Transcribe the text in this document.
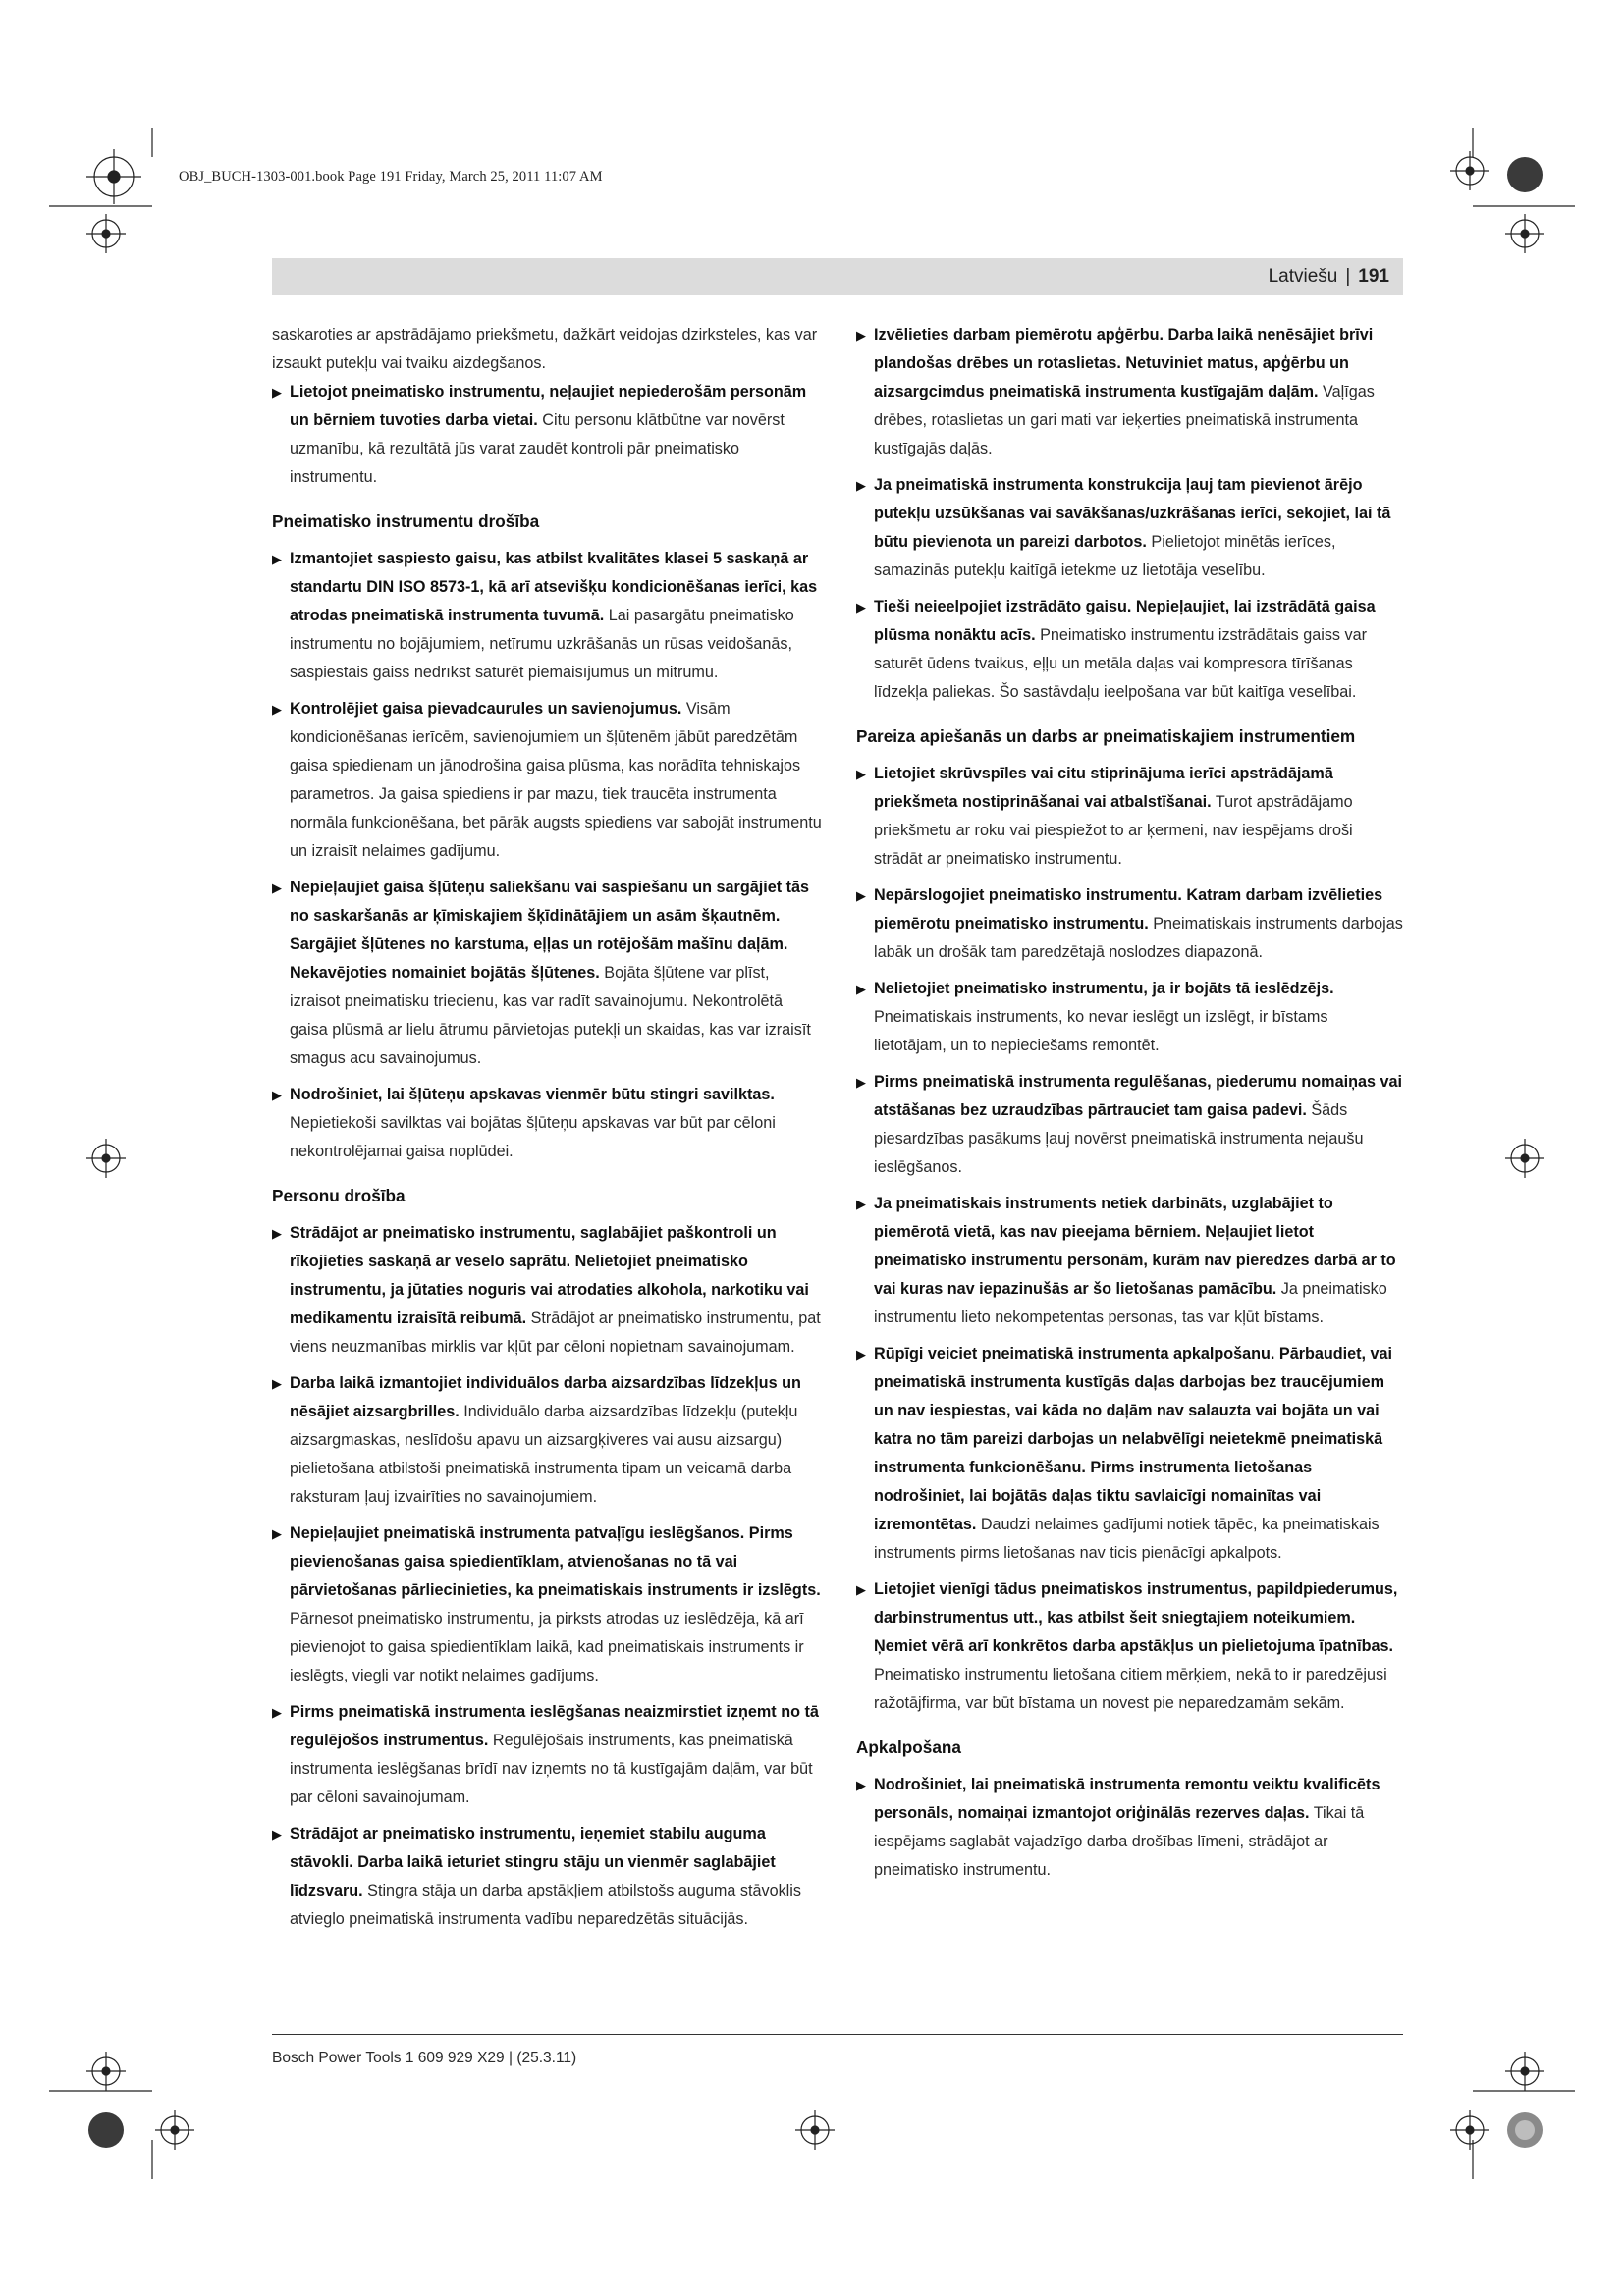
OBJ_BUCH-1303-001.book Page 191 Friday, March 25, 2011 11:07 AM
Latviešu | 191

saskaroties ar apstrādājamo priekšmetu, dažkārt veidojas dzirksteles, kas var izsaukt putekļu vai tvaiku aizdegšanos.

▶ Lietojot pneimatisko instrumentu, neļaujiet nepiederošām personām un bērniem tuvoties darba vietai. Citu personu klātbūtne var novērst uzmanību, kā rezultātā jūs varat zaudēt kontroli pār pneimatisko instrumentu.
Pneimatisko instrumentu drošība
▶ Izmantojiet saspiesto gaisu, kas atbilst kvalitātes klasei 5 saskaņā ar standartu DIN ISO 8573-1, kā arī atsevišķu kondicionēšanas ierīci, kas atrodas pneimatiskā instrumenta tuvumā. Lai pasargātu pneimatisko instrumentu no bojājumiem, netīrumu uzkrāšanās un rūsas veidošanās, saspiestais gaiss nedrīkst saturēt piemaisījumus un mitrumu.
▶ Kontrolējiet gaisa pievadcaurules un savienojumus. Visām kondicionēšanas ierīcēm, savienojumiem un šļūtenēm jābūt paredzētām gaisa spiedienam un jānodrošina gaisa plūsma, kas norādīta tehniskajos parametros. Ja gaisa spiediens ir par mazu, tiek traucēta instrumenta normāla funkcionēšana, bet pārāk augsts spiediens var sabojāt instrumentu un izraisīt nelaimes gadījumu.
▶ Nepieļaujiet gaisa šļūteņu saliekšanu vai saspiešanu un sargājiet tās no saskaršanās ar ķīmiskajiem šķīdinātājiem un asām šķautnēm. Sargājiet šļūtenes no karstuma, eļļas un rotējošām mašīnu daļām. Nekavējoties nomainiet bojātās šļūtenes. Bojāta šļūtene var plīst, izraisot pneimatisku triecienu, kas var radīt savainojumu. Nekontrolētā gaisa plūsmā ar lielu ātrumu pārvietojas putekļi un skaidas, kas var izraisīt smagus acu savainojumus.
▶ Nodrošiniet, lai šļūteņu apskavas vienmēr būtu stingri savilktas. Nepietiekoši savilktas vai bojātas šļūteņu apskavas var būt par cēloni nekontrolējamai gaisa noplūdei.
Personu drošība
▶ Strādājot ar pneimatisko instrumentu, saglabājiet paškontroli un rīkojieties saskaņā ar veselo saprātu. Nelietojiet pneimatisko instrumentu, ja jūtaties noguris vai atrodaties alkohola, narkotiku vai medikamentu izraisītā reibumā. Strādājot ar pneimatisko instrumentu, pat viens neuzmanības mirklis var kļūt par cēloni nopietnam savainojumam.
▶ Darba laikā izmantojiet individuālos darba aizsardzības līdzekļus un nēsājiet aizsargbrilles. Individuālo darba aizsardzības līdzekļu (putekļu aizsargmaskas, neslīdošu apavu un aizsargķiveres vai ausu aizsargu) pielietošana atbilstoši pneimatiskā instrumenta tipam un veicamā darba raksturam ļauj izvairīties no savainojumiem.
▶ Nepieļaujiet pneimatiskā instrumenta patvaļīgu ieslēgšanos. Pirms pievienošanas gaisa spiedientīklam, atvienošanas no tā vai pārvietošanas pārliecinieties, ka pneimatiskais instruments ir izslēgts. Pārnesot pneimatisko instrumentu, ja pirksts atrodas uz ieslēdzēja, kā arī pievienojot to gaisa spiedientīklam laikā, kad pneimatiskais instruments ir ieslēgts, viegli var notikt nelaimes gadījums.
▶ Pirms pneimatiskā instrumenta ieslēgšanas neaizmirstiet izņemt no tā regulējošos instrumentus. Regulējošais instruments, kas pneimatiskā instrumenta ieslēgšanas brīdī nav izņemts no tā kustīgajām daļām, var būt par cēloni savainojumam.
▶ Strādājot ar pneimatisko instrumentu, ieņemiet stabilu auguma stāvokli. Darba laikā ieturiet stingru stāju un vienmēr saglabājiet līdzsvaru. Stingra stāja un darba apstākļiem atbilstošs auguma stāvoklis atvieglo pneimatiskā instrumenta vadību neparedzētās situācijās.
▶ Izvēlieties darbam piemērotu apģērbu. Darba laikā nenēsājiet brīvi plandošas drēbes un rotaslietas. Netuviniet matus, apģērbu un aizsargcimdus pneimatiskā instrumenta kustīgajām daļām. Vaļīgas drēbes, rotaslietas un gari mati var ieķerties pneimatiskā instrumenta kustīgajās daļās.
▶ Ja pneimatiskā instrumenta konstrukcija ļauj tam pievienot ārējo putekļu uzsūkšanas vai savākšanas/uzkrāšanas ierīci, sekojiet, lai tā būtu pievienota un pareizi darbotos. Pielietojot minētās ierīces, samazinās putekļu kaitīgā ietekme uz lietotāja veselību.
▶ Tieši neieelpojiet izstrādāto gaisu. Nepieļaujiet, lai izstrādātā gaisa plūsma nonāktu acīs. Pneimatisko instrumentu izstrādātais gaiss var saturēt ūdens tvaikus, eļļu un metāla daļas vai kompresora tīrīšanas līdzekļa paliekas. Šo sastāvdaļu ieelpošana var būt kaitīga veselībai.
Pareiza apiešanās un darbs ar pneimatiskajiem instrumentiem
▶ Lietojiet skrūvspīles vai citu stiprinājuma ierīci apstrādājamā priekšmeta nostiprināšanai vai atbalstīšanai. Turot apstrādājamo priekšmetu ar roku vai piespiežot to ar ķermeni, nav iespējams droši strādāt ar pneimatisko instrumentu.
▶ Nepārslogojiet pneimatisko instrumentu. Katram darbam izvēlieties piemērotu pneimatisko instrumentu. Pneimatiskais instruments darbojas labāk un drošāk tam paredzētajā noslodzes diapazonā.
▶ Nelietojiet pneimatisko instrumentu, ja ir bojāts tā ieslēdzējs. Pneimatiskais instruments, ko nevar ieslēgt un izslēgt, ir bīstams lietotājam, un to nepieciešams remontēt.
▶ Pirms pneimatiskā instrumenta regulēšanas, piederumu nomaiņas vai atstāšanas bez uzraudzības pārtrauciet tam gaisa padevi. Šāds piesardzības pasākums ļauj novērst pneimatiskā instrumenta nejaušu ieslēgšanos.
▶ Ja pneimatiskais instruments netiek darbināts, uzglabājiet to piemērotā vietā, kas nav pieejama bērniem. Neļaujiet lietot pneimatisko instrumentu personām, kurām nav pieredzes darbā ar to vai kuras nav iepazinušās ar šo lietošanas pamācību. Ja pneimatisko instrumentu lieto nekompetentas personas, tas var kļūt bīstams.
▶ Rūpīgi veiciet pneimatiskā instrumenta apkalpošanu. Pārbaudiet, vai pneimatiskā instrumenta kustīgās daļas darbojas bez traucējumiem un nav iespiestas, vai kāda no daļām nav salauzta vai bojāta un vai katra no tām pareizi darbojas un nelabvēlīgi neietekmē pneimatiskā instrumenta funkcionēšanu. Pirms instrumenta lietošanas nodrošiniet, lai bojātās daļas tiktu savlaicīgi nomainītas vai izremontētas. Daudzi nelaimes gadījumi notiek tāpēc, ka pneimatiskais instruments pirms lietošanas nav ticis pienācīgi apkalpots.
▶ Lietojiet vienīgi tādus pneimatiskos instrumentus, papildpiederumus, darbinstrumentus utt., kas atbilst šeit sniegtajiem noteikumiem. Ņemiet vērā arī konkrētos darba apstākļus un pielietojuma īpatnības. Pneimatisko instrumentu lietošana citiem mērķiem, nekā to ir paredzējusi ražotājfirma, var būt bīstama un novest pie neparedzamām sekām.
Apkalpošana
▶ Nodrošiniet, lai pneimatiskā instrumenta remontu veiktu kvalificēts personāls, nomaiņai izmantojot oriģinālās rezerves daļas. Tikai tā iespējams saglabāt vajadzīgo darba drošības līmeni, strādājot ar pneimatisko instrumentu.
Bosch Power Tools 1 609 929 X29 | (25.3.11)
